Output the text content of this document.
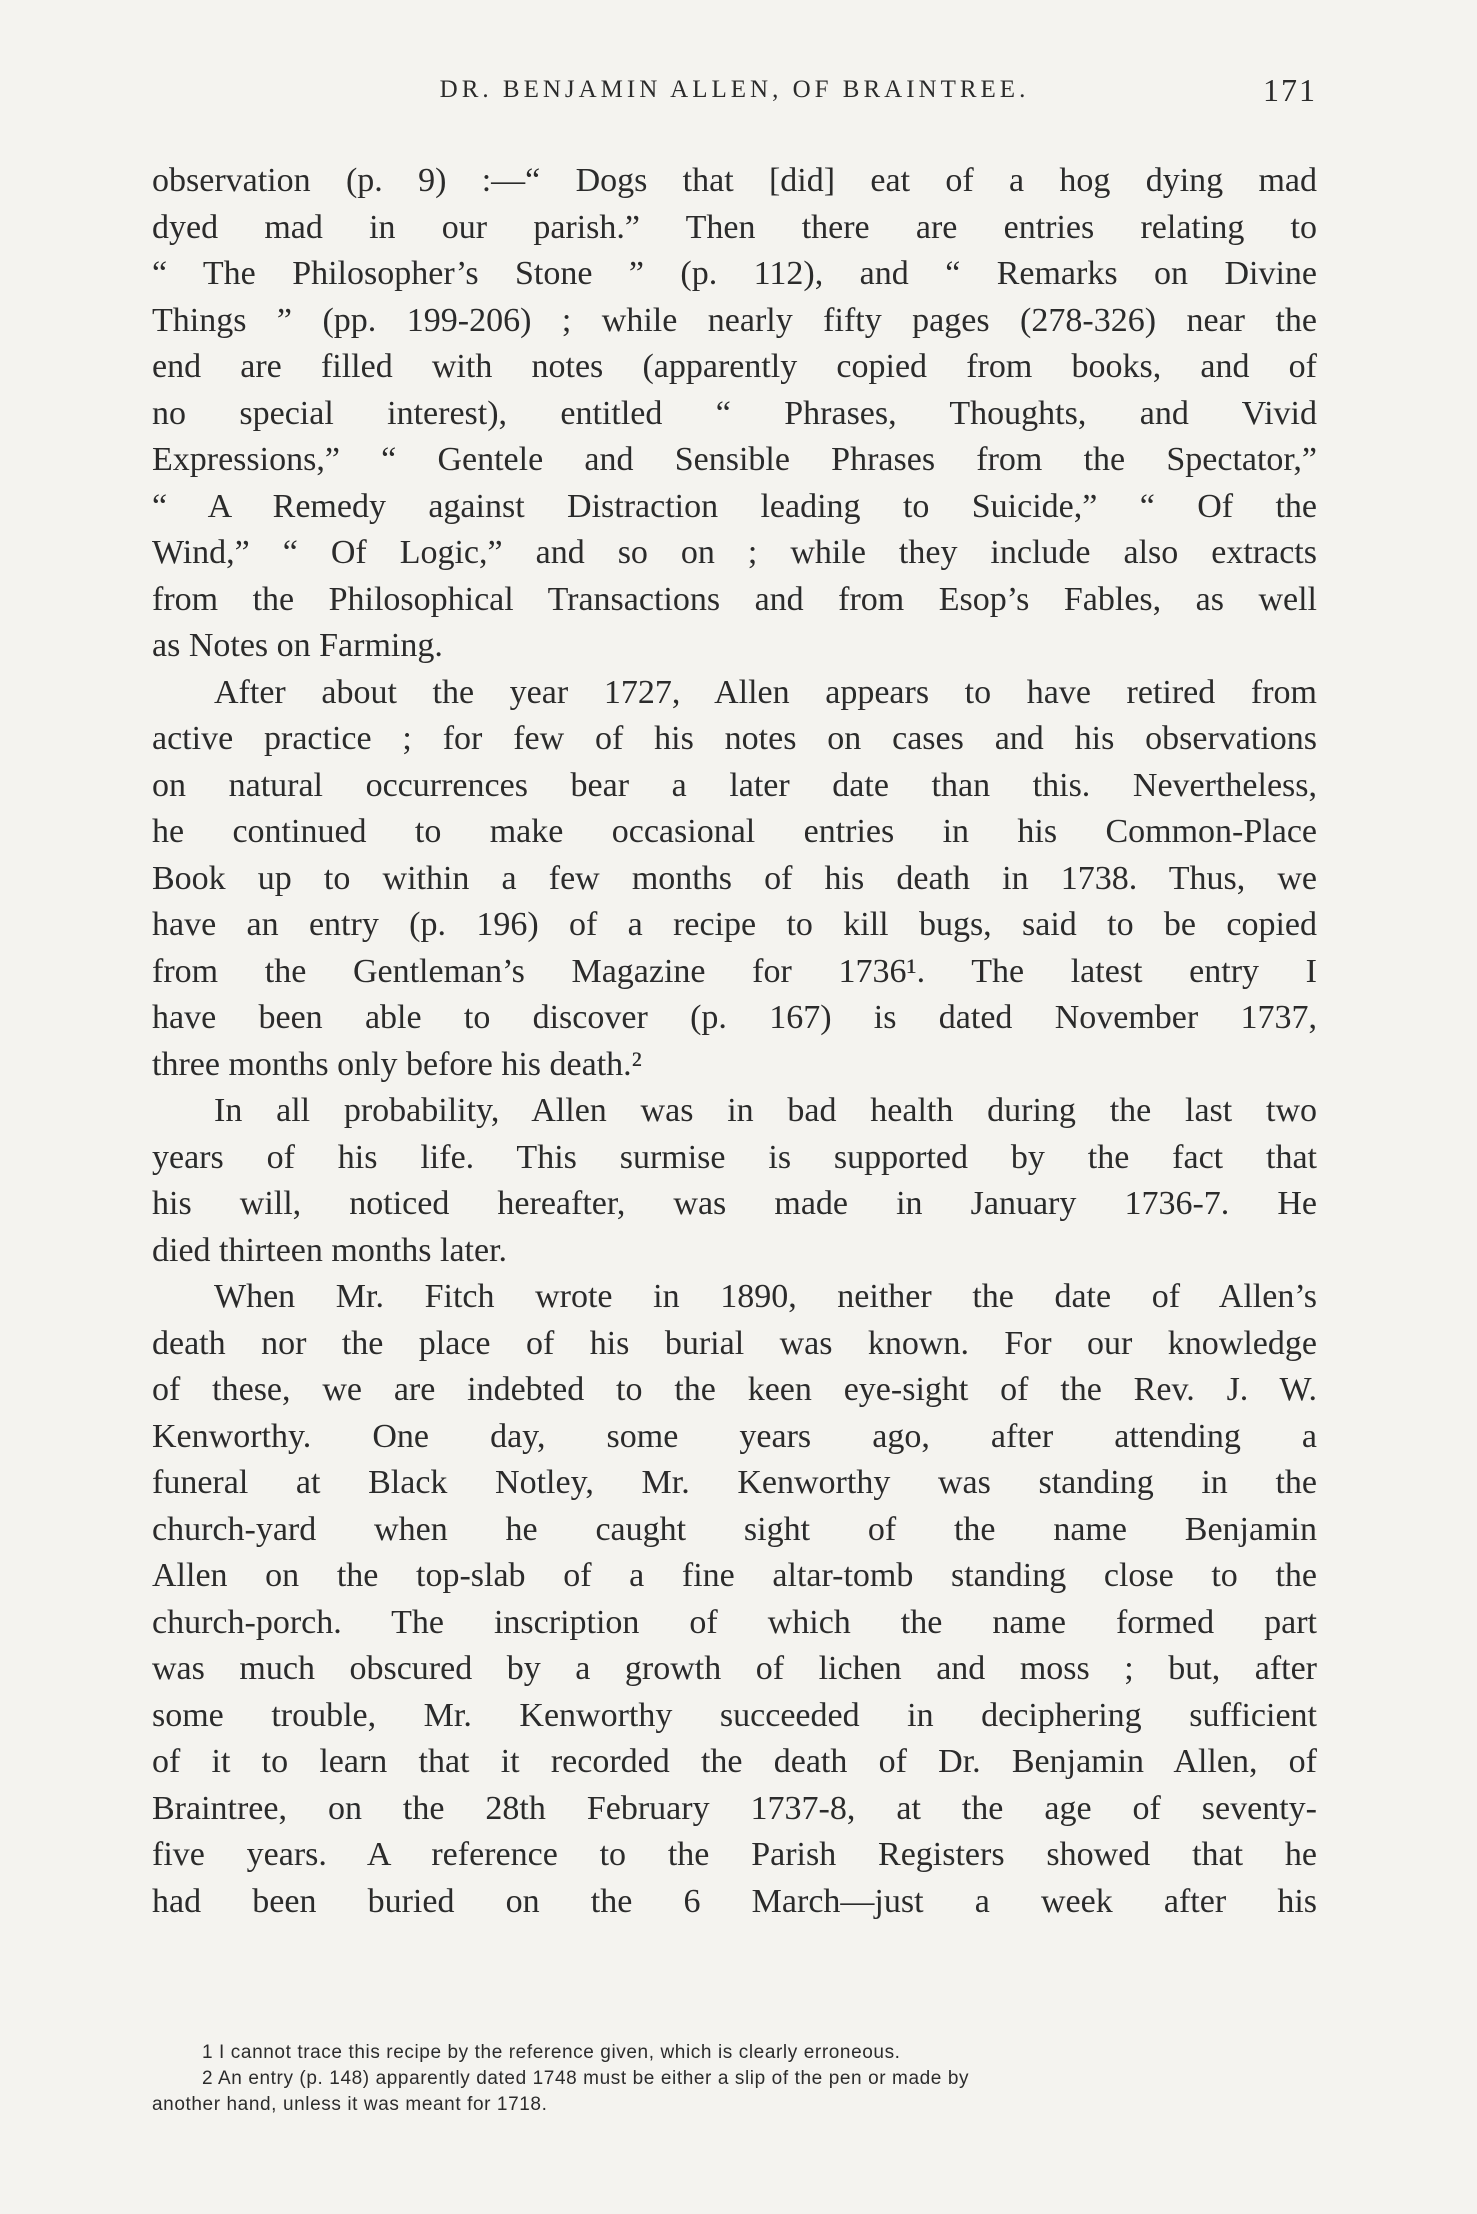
DR. BENJAMIN ALLEN, OF BRAINTREE.	171
observation (p. 9) :—“ Dogs that [did] eat of a hog dying mad
dyed mad in our parish.” Then there are entries relating to
“ The Philosopher’s Stone ” (p. 112), and “ Remarks on Divine
Things ” (pp. 199-206) ; while nearly fifty pages (278-326) near the
end are filled with notes (apparently copied from books, and of
no special interest), entitled “ Phrases, Thoughts, and Vivid
Expressions,” “ Gentele and Sensible Phrases from the Spectator,”
“ A Remedy against Distraction leading to Suicide,” “ Of the
Wind,” “ Of Logic,” and so on ; while they include also extracts
from the Philosophical Transactions and from Esop’s Fables, as well
as Notes on Farming.
After about the year 1727, Allen appears to have retired from
active practice ; for few of his notes on cases and his observations
on natural occurrences bear a later date than this. Nevertheless,
he continued to make occasional entries in his Common-Place
Book up to within a few months of his death in 1738. Thus, we
have an entry (p. 196) of a recipe to kill bugs, said to be copied
from the Gentleman’s Magazine for 1736¹. The latest entry I
have been able to discover (p. 167) is dated November 1737,
three months only before his death.²
In all probability, Allen was in bad health during the last two
years of his life. This surmise is supported by the fact that
his will, noticed hereafter, was made in January 1736-7. He
died thirteen months later.
When Mr. Fitch wrote in 1890, neither the date of Allen’s
death nor the place of his burial was known. For our knowledge
of these, we are indebted to the keen eye-sight of the Rev. J. W.
Kenworthy. One day, some years ago, after attending a
funeral at Black Notley, Mr. Kenworthy was standing in the
church-yard when he caught sight of the name Benjamin
Allen on the top-slab of a fine altar-tomb standing close to the
church-porch. The inscription of which the name formed part
was much obscured by a growth of lichen and moss ; but, after
some trouble, Mr. Kenworthy succeeded in deciphering sufficient
of it to learn that it recorded the death of Dr. Benjamin Allen, of
Braintree, on the 28th February 1737-8, at the age of seventy-
five years. A reference to the Parish Registers showed that he
had been buried on the 6 March—just a week after his
1 I cannot trace this recipe by the reference given, which is clearly erroneous.
2 An entry (p. 148) apparently dated 1748 must be either a slip of the pen or made by
another hand, unless it was meant for 1718.
